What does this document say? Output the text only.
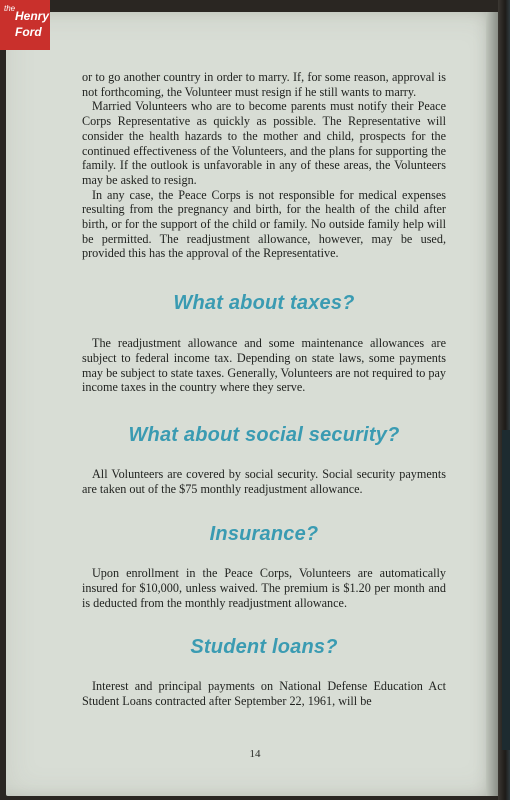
the
Henry
Ford

or to go another country in order to marry. If, for some reason, approval is not forthcoming, the Volunteer must resign if he still wants to marry.

Married Volunteers who are to become parents must notify their Peace Corps Representative as quickly as possible. The Representative will consider the health hazards to the mother and child, prospects for the continued effectiveness of the Volunteers, and the plans for supporting the family. If the outlook is unfavorable in any of these areas, the Volunteers may be asked to resign.

In any case, the Peace Corps is not responsible for medical expenses resulting from the pregnancy and birth, for the health of the child after birth, or for the support of the child or family. No outside family help will be permitted. The readjustment allowance, however, may be used, provided this has the approval of the Representative.

What about taxes?

The readjustment allowance and some maintenance allowances are subject to federal income tax. Depending on state laws, some payments may be subject to state taxes. Generally, Volunteers are not required to pay income taxes in the country where they serve.

What about social security?

All Volunteers are covered by social security. Social security payments are taken out of the $75 monthly readjustment allowance.

Insurance?

Upon enrollment in the Peace Corps, Volunteers are automatically insured for $10,000, unless waived. The premium is $1.20 per month and is deducted from the monthly readjustment allowance.

Student loans?

Interest and principal payments on National Defense Education Act Student Loans contracted after September 22, 1961, will be

14
